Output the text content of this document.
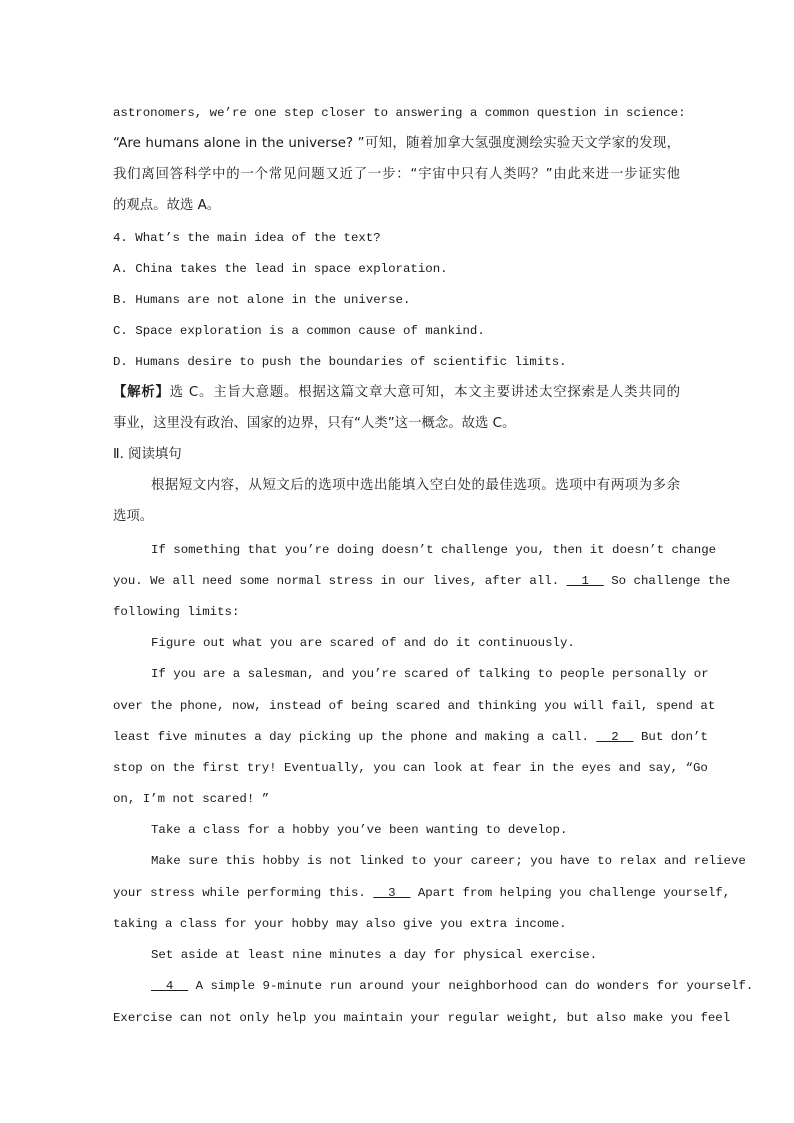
astronomers, we’re one step closer to answering a common question in science:
“Are humans alone in the universe? ”可知，随着加拿大氢强度测绘实验天文学家的发现，
我们离回答科学中的一个常见问题又近了一步：“宇宙中只有人类吗？”由此来进一步证实他
的观点。故选 A。
4. What’s the main idea of the text?
A. China takes the lead in space exploration.
B. Humans are not alone in the universe.
C. Space exploration is a common cause of mankind.
D. Humans desire to push the boundaries of scientific limits.
【解析】选 C。主旨大意题。根据这篇文章大意可知，本文主要讲述太空探索是人类共同的
事业，这里没有政治、国家的边界，只有“人类”这一概念。故选 C。
Ⅱ. 阅读填句
根据短文内容，从短文后的选项中选出能填入空白处的最佳选项。选项中有两项为多余
选项。
If something that you’re doing doesn’t challenge you, then it doesn’t change
you. We all need some normal stress in our lives, after all.   1   So challenge the
following limits:
Figure out what you are scared of and do it continuously.
If you are a salesman, and you’re scared of talking to people personally or
over the phone, now, instead of being scared and thinking you will fail, spend at
least five minutes a day picking up the phone and making a call.   2   But don’t
stop on the first try! Eventually, you can look at fear in the eyes and say, “Go
on, I’m not scared! ”
Take a class for a hobby you’ve been wanting to develop.
Make sure this hobby is not linked to your career; you have to relax and relieve
your stress while performing this.   3   Apart from helping you challenge yourself,
taking a class for your hobby may also give you extra income.
Set aside at least nine minutes a day for physical exercise.
4   A simple 9-minute run around your neighborhood can do wonders for yourself.
Exercise can not only help you maintain your regular weight, but also make you feel
